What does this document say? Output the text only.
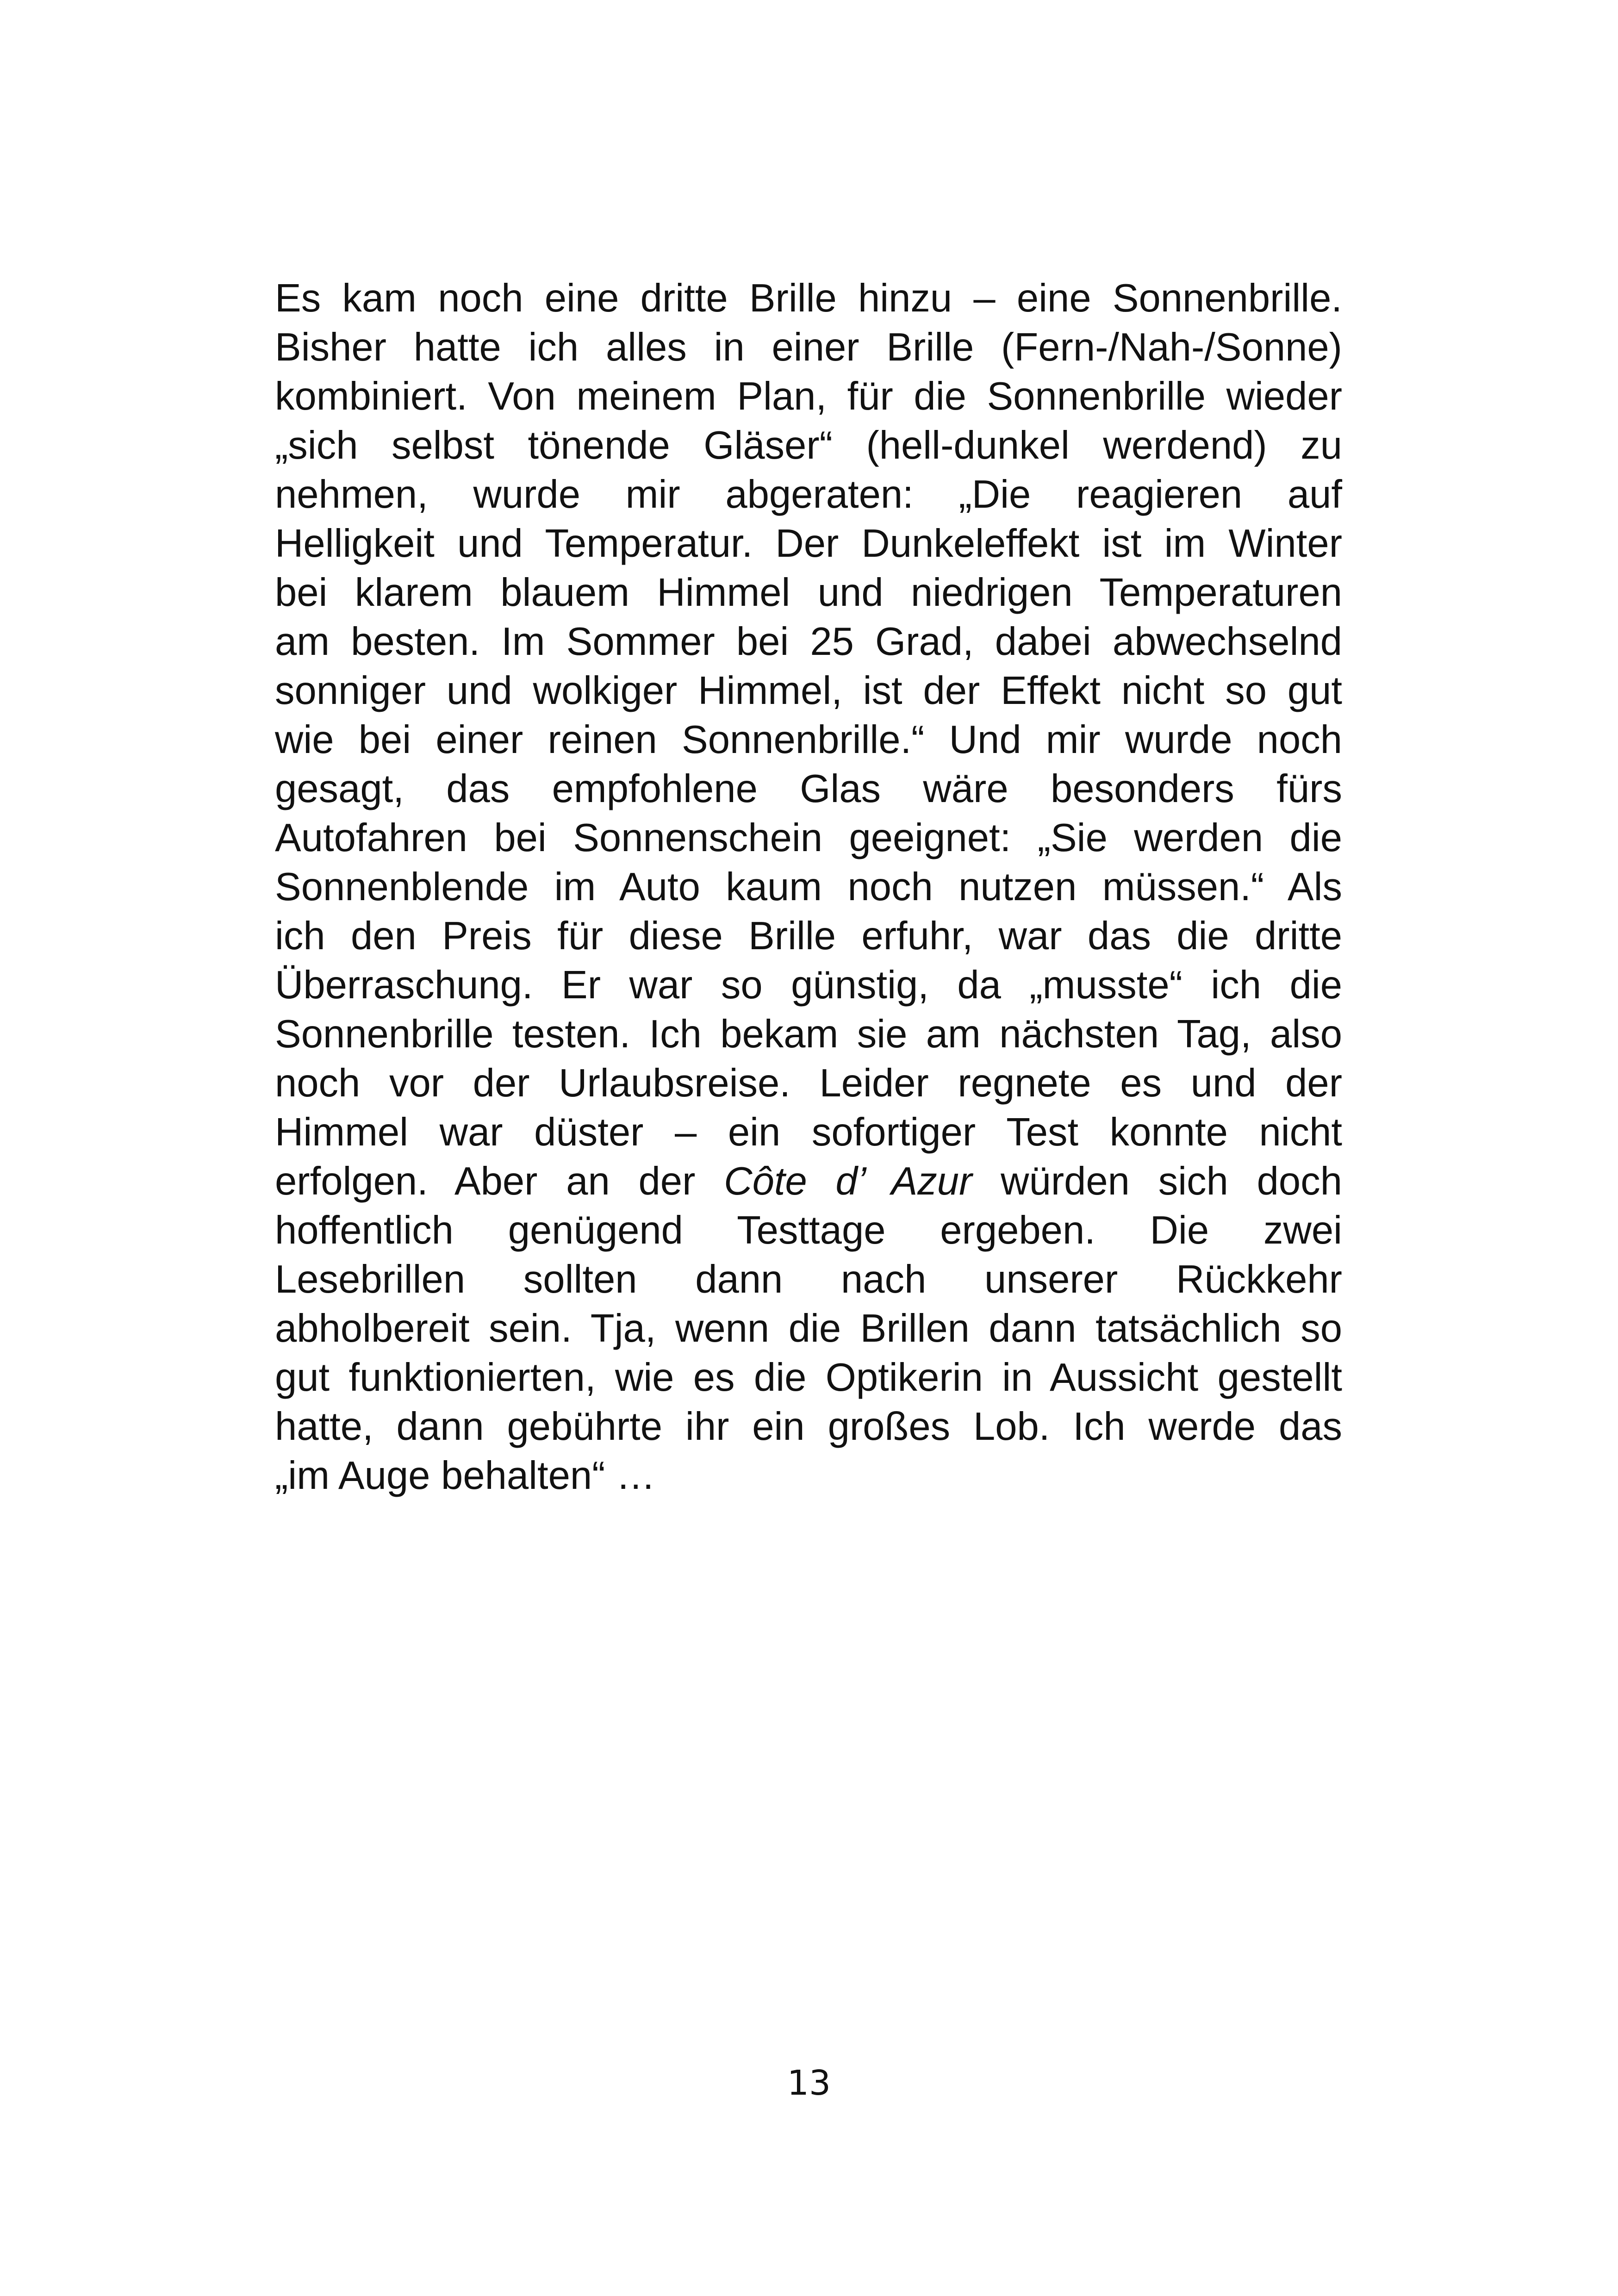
Es kam noch eine dritte Brille hinzu – eine Sonnenbrille.
Bisher hatte ich alles in einer Brille (Fern-/Nah-/Sonne)
kombiniert. Von meinem Plan, für die Sonnenbrille wieder
„sich selbst tönende Gläser“ (hell-dunkel werdend) zu
nehmen, wurde mir abgeraten: „Die reagieren auf
Helligkeit und Temperatur. Der Dunkeleffekt ist im Winter
bei klarem blauem Himmel und niedrigen Temperaturen
am besten. Im Sommer bei 25 Grad, dabei abwechselnd
sonniger und wolkiger Himmel, ist der Effekt nicht so gut
wie bei einer reinen Sonnenbrille.“ Und mir wurde noch
gesagt, das empfohlene Glas wäre besonders fürs
Autofahren bei Sonnenschein geeignet: „Sie werden die
Sonnenblende im Auto kaum noch nutzen müssen.“ Als
ich den Preis für diese Brille erfuhr, war das die dritte
Überraschung. Er war so günstig, da „musste“ ich die
Sonnenbrille testen. Ich bekam sie am nächsten Tag, also
noch vor der Urlaubsreise. Leider regnete es und der
Himmel war düster – ein sofortiger Test konnte nicht
erfolgen. Aber an der Côte d’ Azur würden sich doch
hoffentlich genügend Testtage ergeben. Die zwei
Lesebrillen sollten dann nach unserer Rückkehr
abholbereit sein. Tja, wenn die Brillen dann tatsächlich so
gut funktionierten, wie es die Optikerin in Aussicht gestellt
hatte, dann gebührte ihr ein großes Lob. Ich werde das
„im Auge behalten“ …
13
